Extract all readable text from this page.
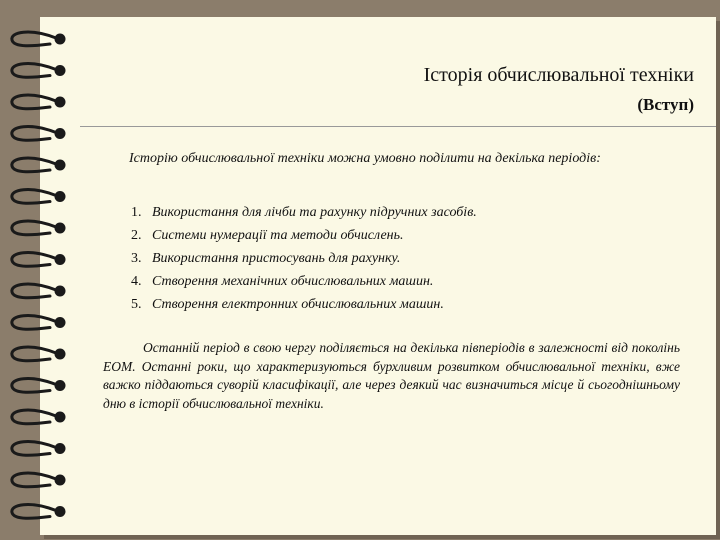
Історія обчислювальної техніки
(Вступ)
Історію обчислювальної техніки можна умовно поділити на декілька періодів:
1. Використання для лічби та рахунку підручних засобів.
2. Системи нумерації та методи обчислень.
3. Використання пристосувань для рахунку.
4. Створення механічних обчислювальних машин.
5. Створення електронних обчислювальних машин.

Останній період в свою чергу поділяється на декілька півперіодів в залежності від поколінь ЕОМ. Останні роки, що характеризуються бурхливим розвитком обчислювальної техніки, вже важко піддаються суворій класифікації, але через деякий час визначиться місце й сьогоднішньому дню в історії обчислювальної техніки.
